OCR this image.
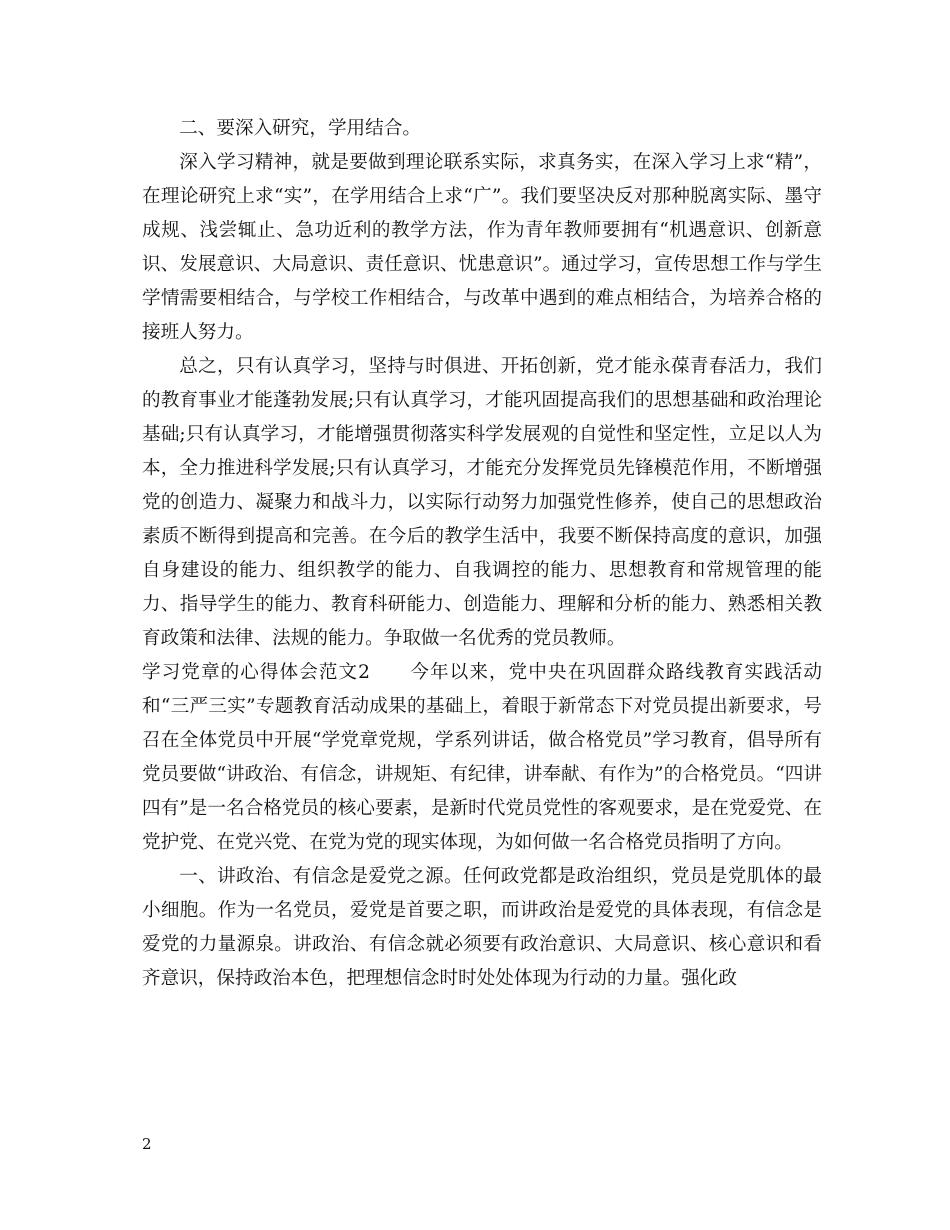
二、要深入研究，学用结合。

深入学习精神，就是要做到理论联系实际，求真务实，在深入学习上求“精”，在理论研究上求“实”，在学用结合上求“广”。我们要坚决反对那种脱离实际、墨守成规、浅尝辄止、急功近利的教学方法，作为青年教师要拥有“机遇意识、创新意识、发展意识、大局意识、责任意识、忧患意识”。通过学习，宣传思想工作与学生学情需要相结合，与学校工作相结合，与改革中遇到的难点相结合，为培养合格的接班人努力。

总之，只有认真学习，坚持与时俱进、开拓创新，党才能永葆青春活力，我们的教育事业才能蓬勃发展;只有认真学习，才能巩固提高我们的思想基础和政治理论基础;只有认真学习，才能增强贯彻落实科学发展观的自觉性和坚定性，立足以人为本，全力推进科学发展;只有认真学习，才能充分发挥党员先锋模范作用，不断增强党的创造力、凝聚力和战斗力，以实际行动努力加强党性修养，使自己的思想政治素质不断得到提高和完善。在今后的教学生活中，我要不断保持高度的意识，加强自身建设的能力、组织教学的能力、自我调控的能力、思想教育和常规管理的能力、指导学生的能力、教育科研能力、创造能力、理解和分析的能力、熟悉相关教育政策和法律、法规的能力。争取做一名优秀的党员教师。

学习党章的心得体会范文2　　今年以来，党中央在巩固群众路线教育实践活动和“三严三实”专题教育活动成果的基础上，着眼于新常态下对党员提出新要求，号召在全体党员中开展“学党章党规，学系列讲话，做合格党员”学习教育，倡导所有党员要做“讲政治、有信念，讲规矩、有纪律，讲奉献、有作为”的合格党员。“四讲四有”是一名合格党员的核心要素，是新时代党员党性的客观要求，是在党爱党、在党护党、在党兴党、在党为党的现实体现，为如何做一名合格党员指明了方向。

一、讲政治、有信念是爱党之源。任何政党都是政治组织，党员是党肌体的最小细胞。作为一名党员，爱党是首要之职，而讲政治是爱党的具体表现，有信念是爱党的力量源泉。讲政治、有信念就必须要有政治意识、大局意识、核心意识和看齐意识，保持政治本色，把理想信念时时处处体现为行动的力量。强化政

2
